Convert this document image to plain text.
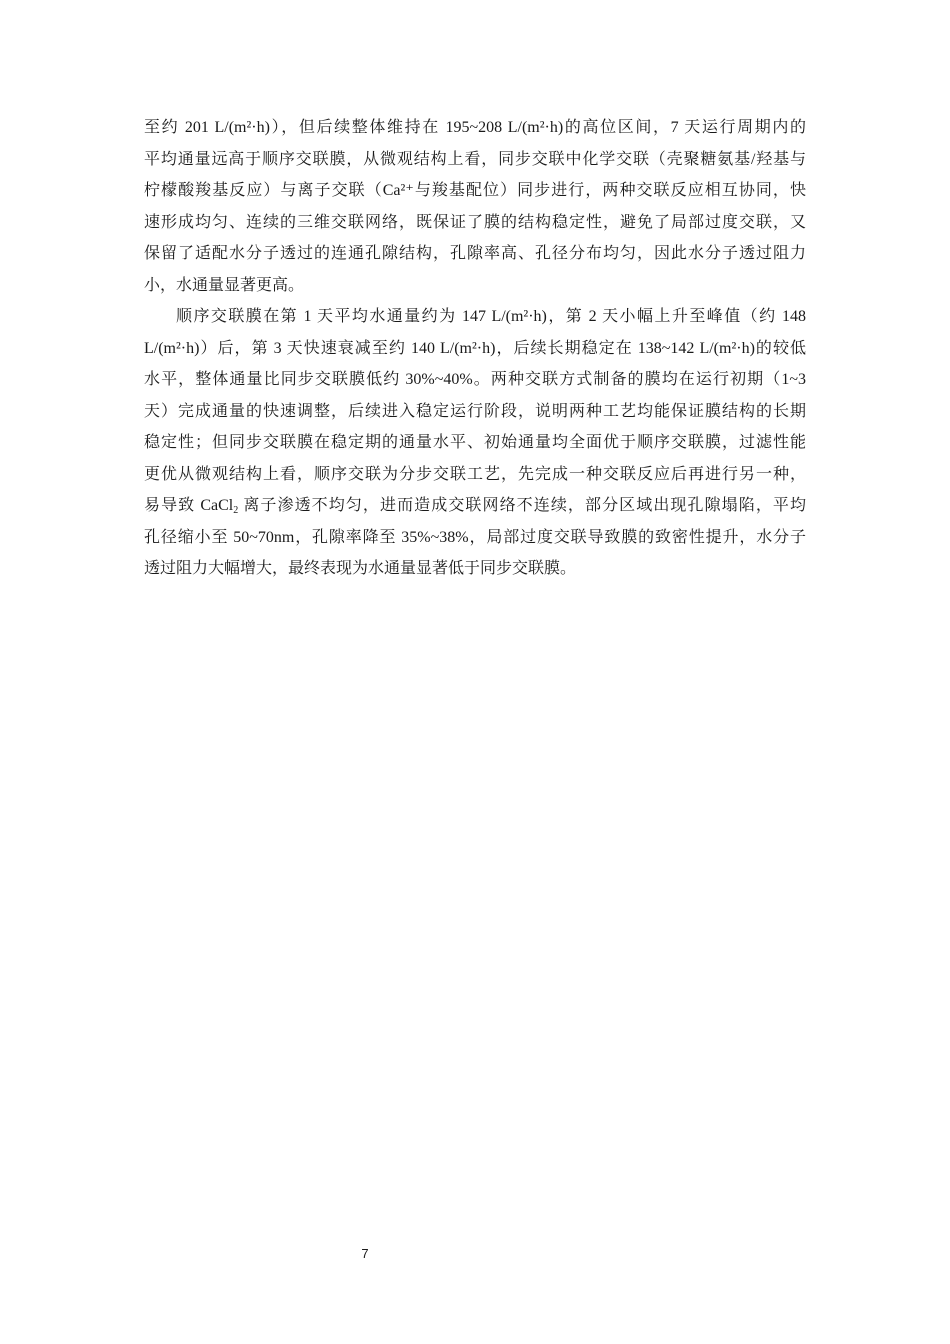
至约 201 L/(m²·h)），但后续整体维持在 195~208 L/(m²·h)的高位区间，7 天运行周期内的
平均通量远高于顺序交联膜，从微观结构上看，同步交联中化学交联（壳聚糖氨基/羟基与
柠檬酸羧基反应）与离子交联（Ca²⁺与羧基配位）同步进行，两种交联反应相互协同，快
速形成均匀、连续的三维交联网络，既保证了膜的结构稳定性，避免了局部过度交联，又
保留了适配水分子透过的连通孔隙结构，孔隙率高、孔径分布均匀，因此水分子透过阻力
小，水通量显著更高。

顺序交联膜在第 1 天平均水通量约为 147 L/(m²·h)，第 2 天小幅上升至峰值（约 148
L/(m²·h)）后，第 3 天快速衰减至约 140 L/(m²·h)，后续长期稳定在 138~142 L/(m²·h)的较低
水平，整体通量比同步交联膜低约 30%~40%。两种交联方式制备的膜均在运行初期（1~3
天）完成通量的快速调整，后续进入稳定运行阶段，说明两种工艺均能保证膜结构的长期
稳定性；但同步交联膜在稳定期的通量水平、初始通量均全面优于顺序交联膜，过滤性能
更优从微观结构上看，顺序交联为分步交联工艺，先完成一种交联反应后再进行另一种，
易导致 CaCl$_2$ 离子渗透不均匀，进而造成交联网络不连续，部分区域出现孔隙塌陷，平均
孔径缩小至 50~70nm，孔隙率降至 35%~38%，局部过度交联导致膜的致密性提升，水分子
透过阻力大幅增大，最终表现为水通量显著低于同步交联膜。

7
